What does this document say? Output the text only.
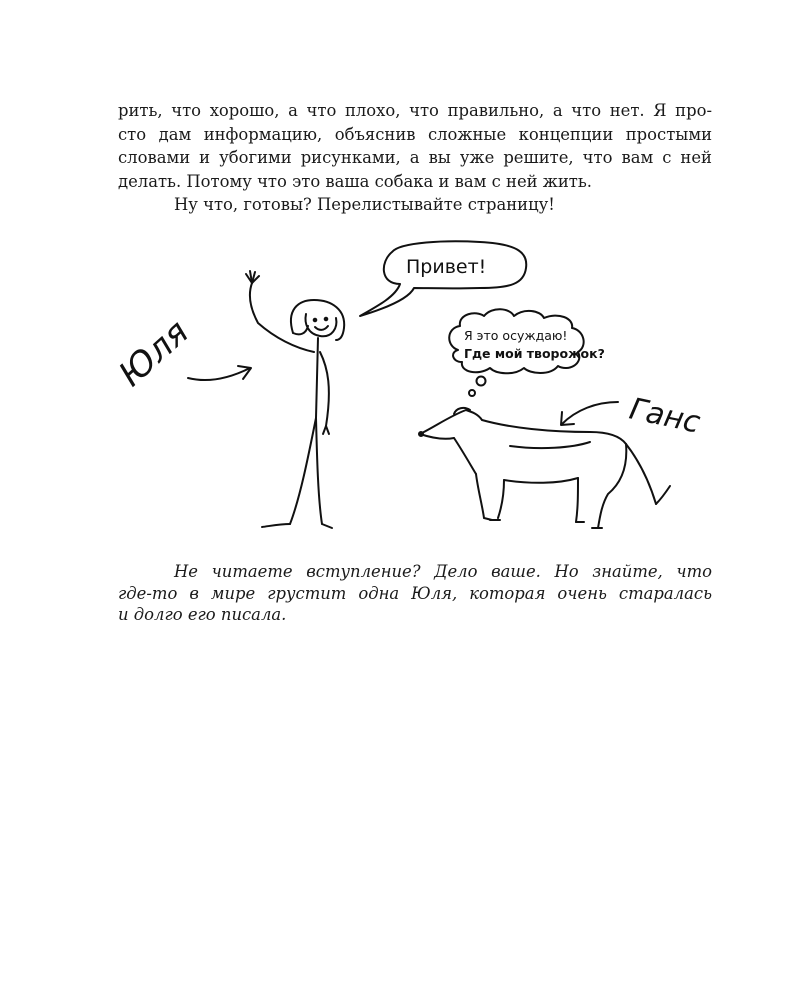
рить, что хорошо, а что плохо, что правильно, а что нет. Я про-
сто дам информацию, объяснив сложные концепции простыми
словами и убогими рисунками, а вы уже решите, что вам с ней
делать. Потому что это ваша собака и вам с ней жить.
Ну что, готовы? Перелистывайте страницу!
Юля
Привет!
Я это осуждаю!
Где мой творожок?
Ганс
Не читаете вступление? Дело ваше. Но знайте, что
где-то в мире грустит одна Юля, которая очень старалась
и долго его писала.
